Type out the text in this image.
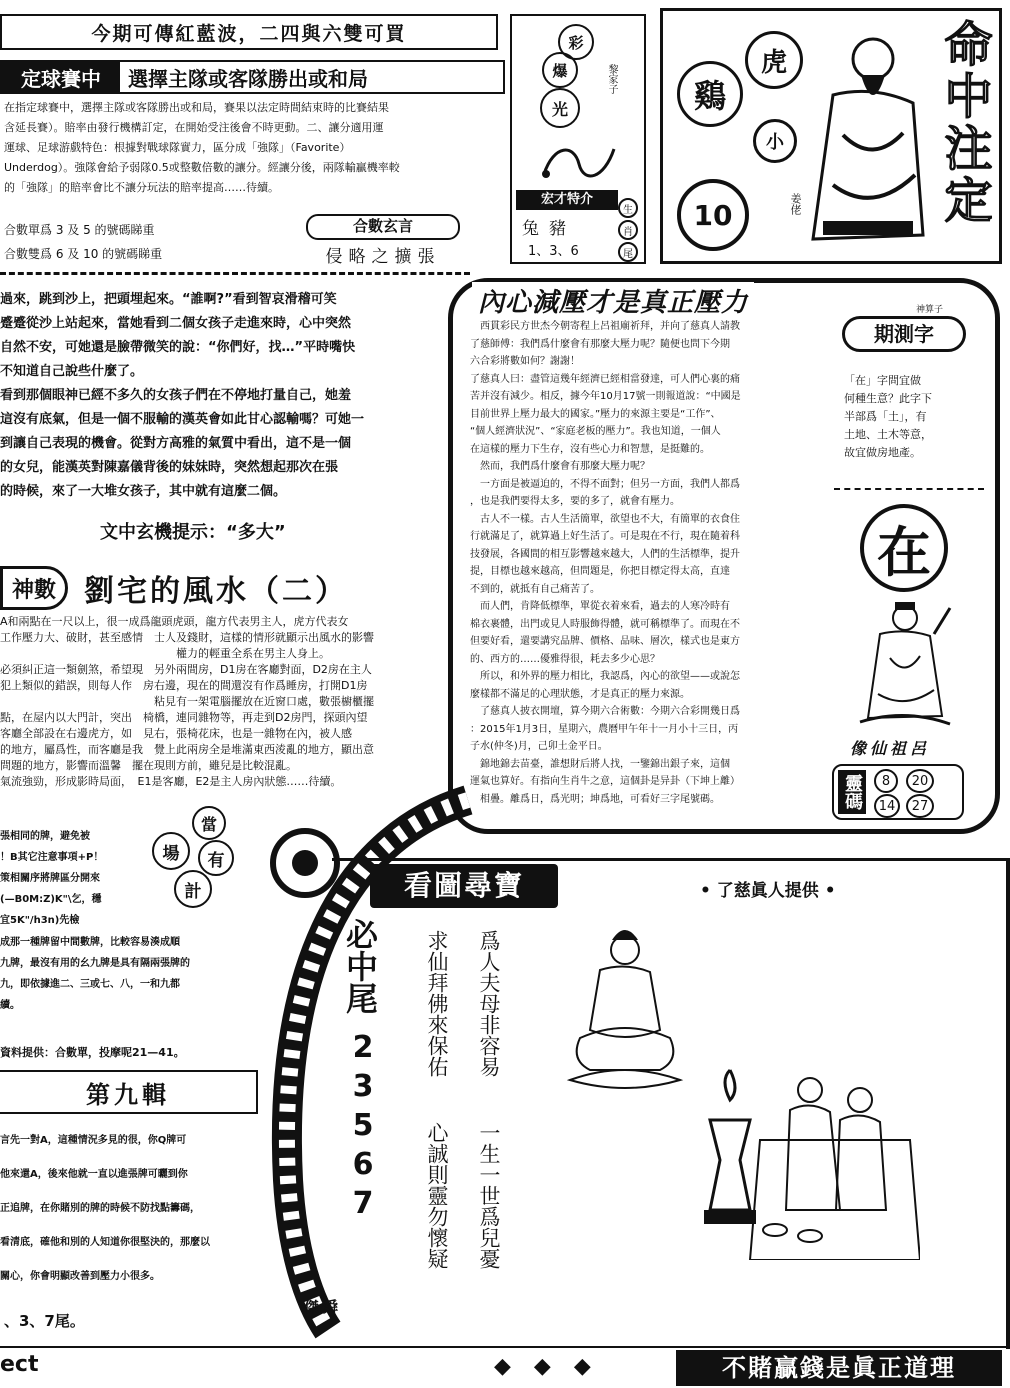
今期可傳紅藍波，二四與六雙可買
定球賽中	選擇主隊或客隊勝出或和局
在指定球賽中，選擇主隊或客隊勝出或和局，賽果以法定時間結束時的比賽結果
含延長賽）。賠率由發行機構訂定，在開始受注後會不時更動。二、讓分適用運
運球、足球游戲特色：根據對戰球隊實力，區分成「強隊」（Favorite）
Underdog）。強隊會給予弱隊0.5或整數倍數的讓分。經讓分後，兩隊輸贏機率較
的「強隊」的賠率會比不讓分玩法的賠率提高……待續。
合數單爲 3 及 5 的號碼睇重
合數雙爲 6 及 10 的號碼睇重
合數玄言
侵略之擴張
彩
爆
光
黎家子
宏才特介
兔豬
1、3、6
生
肖
尾
鷄
虎
小
10	姜佬	命中注定
過來，跳到沙上，把頭埋起來。“誰啊?”看到智哀滑稽可笑
蹙蹙從沙上站起來，當她看到二個女孩子走進來時，心中突然
自然不安，可她還是臉帶微笑的說：“你們好，找…”平時嘴快
不知道自己說些什麼了。
看到那個眼神已經不多久的女孩子們在不停地打量自己，她羞
這沒有底氣，但是一個不服輸的漢英會如此甘心認輸嗎？可她一
到讓自己表現的機會。從對方高雅的氣質中看出，這不是一個
的女兒，能漢英對陳嘉儀背後的妹妹時，突然想起那次在張
的時候，來了一大堆女孩子，其中就有這麼二個。
文中玄機提示：“多大”
神數 劉宅的風水（二）
A和兩點在一尺以上，很一成爲龍頭虎頭，龍方代表男主人，虎方代表女
工作壓力大、破財，甚至感情　士人及錢財，這樣的情形就顯示出風水的影響
　　　　　　　　　　　　　　　　權力的輕重全系在男主人身上。
必須糾正這一類劍煞，希望現　另外兩間房，D1房在客廳對面，D2房在主人
犯上類似的錯誤，則每人作　房右邊，現在的間還沒有作爲睡房，打開D1房
　　　　　　　　　　　　　　粘見有一架電腦擺放在近窗口處，數張櫥櫃擺
點，在屋内以大門計，突出　椅橋，連同雜物等，再走到D2房門，探頭內望
客廳全部設在右邊虎方，如　見右，張椅花床，也是一雜物在內，被人感
的地方，屬爲性，而客廳是我　覺上此兩房全是堆滿東西淩亂的地方，顯出意
問題的地方，影響而溫馨　擺在現則方前，雖兒是比較混亂。
氣流強勁，形成影時局面，　E1是客廳，E2是主人房內狀態……待續。
張相同的牌，避免被
！B其它注意事項+P！
策相關序將牌區分開來
(—B0M:Z)K"\乞，穩
宜5K"/h3n)先檢
成那一種牌留中間數牌，比較容易湊成順
九牌，最沒有用的幺九牌是具有隔兩張牌的
九，即依據進二、三或七、八，一和九都
續。
當
有
場
計
資料提供：合數單，投摩呢21—41。
第九輯
言先一對A，這種情況多見的很，你Q牌可
他來還A，後來他就一直以進張牌可曬到你
正追牌，在你賭別的牌的時候不防找點籌碼，
看清底，確他和別的人知道你很堅決的，那麼以
關心，你會明顯改善到壓力小很多。
、3、7尾。
內心減壓才是真正壓力
　西貫彩民方世杰今朝寄程上呂祖廟祈拜，并向了慈真人請教
了慈師傅：我們爲什麼會有那麼大壓力呢？隨便也問下今期
六合彩將數如何？謝謝！
了慈真人曰：盡管這幾年經濟已經相當發達，可人們心裏的痛
苦并沒有減少。相反，據今年10月17號一則報道說：“中國是
目前世界上壓力最大的國家。”壓力的來源主要是“工作”、
“個人經濟狀況”、“家庭老板的壓力”。我也知道，一個人
在這樣的壓力下生存，沒有些心力和智慧，是挺難的。
　然而，我們爲什麼會有那麼大壓力呢？
　一方面是被逼迫的，不得不面對；但另一方面，我們人都爲
，也是我們要得太多，要的多了，就會有壓力。
　古人不一樣。古人生活簡單，欲望也不大，有簡單的衣食住
行就滿足了，就算過上好生活了。可是現在不行，現在隨着科
技發展，各國間的相互影響越來越大，人們的生活標準，提升
提，目標也越來越高，但問題是，你把目標定得太高，直達
不到的，就抵有自己痛苦了。
　而人們，肯降低標準，單從衣着來看，過去的人寒冷時有
棉衣裹體，出門或見人時服飾得體，就可稱標準了。而現在不
但要好看，還要講究品牌、價格、品味、層次，樣式也是東方
的、西方的……優雅得很，耗去多少心思？
　所以，和外界的壓力相比，我認爲，內心的欲望——或說怎
麼樣都不滿足的心理狀態，才是真正的壓力來源。
　了慈真人披衣開壇，算今期六合術數：今期六合彩開幾日爲
：2015年1月3日，星期六，農曆甲午年十一月小十三日，丙
子水(仲冬)月，己卯土金平日。
　錦地錦去苗臺，誰想財后將人找，一鑒錦出銀子來，這個
運氣也算好。有指向生肖牛之意，這個卦是异卦（下坤上離）
　相疊。離爲日，爲光明；坤爲地，可看好三字尾號碼。
神算子
期測字
「在」字問宜做
何種生意？此字下
半部爲「土」，有
土地、土木等意，
故宜做房地產。
在
像仙祖呂
靈碼 8 20
14 27
看圖尋寶	• 了慈眞人提供 •
必中尾
2
3
5
6
7
爲人夫母非容易
求仙拜佛來保佑
一生一世爲兒憂
心誠則靈勿懷疑
傑舜
ect	◆ ◆ ◆	不賭贏錢是眞正道理
